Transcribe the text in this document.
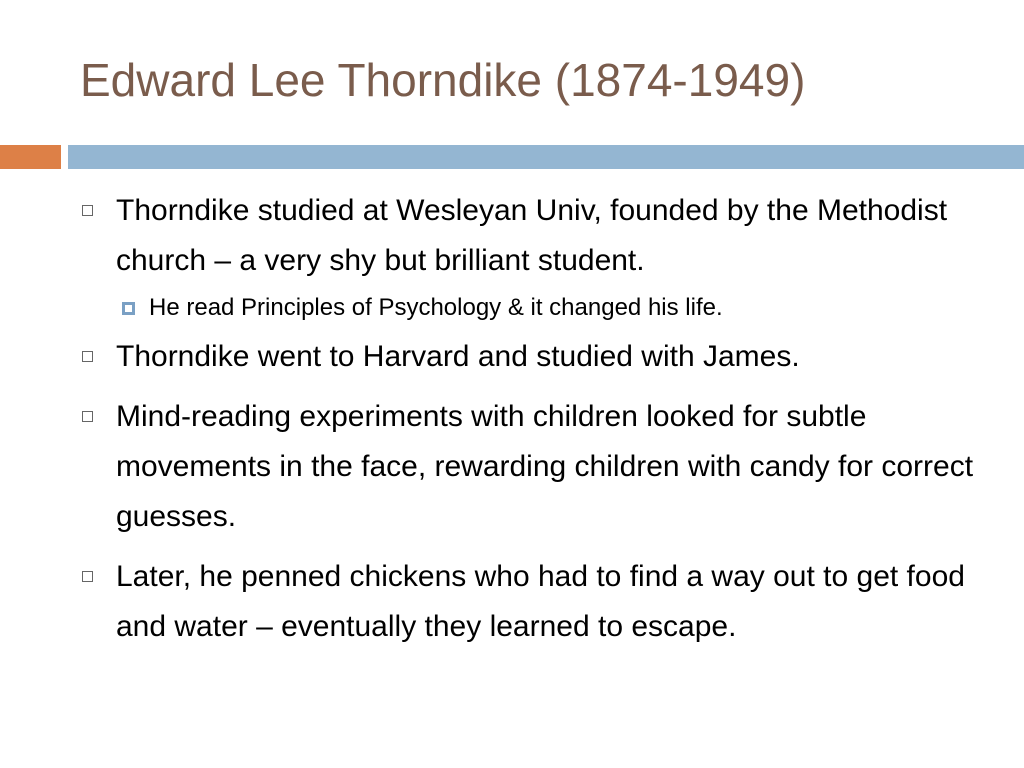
Edward Lee Thorndike (1874-1949)
Thorndike studied at Wesleyan Univ, founded by the Methodist church – a very shy but brilliant student.
He read Principles of Psychology & it changed his life.
Thorndike went to Harvard and studied with James.
Mind-reading experiments with children looked for subtle movements in the face, rewarding children with candy for correct guesses.
Later, he penned chickens who had to find a way out to get food and water – eventually they learned to escape.
